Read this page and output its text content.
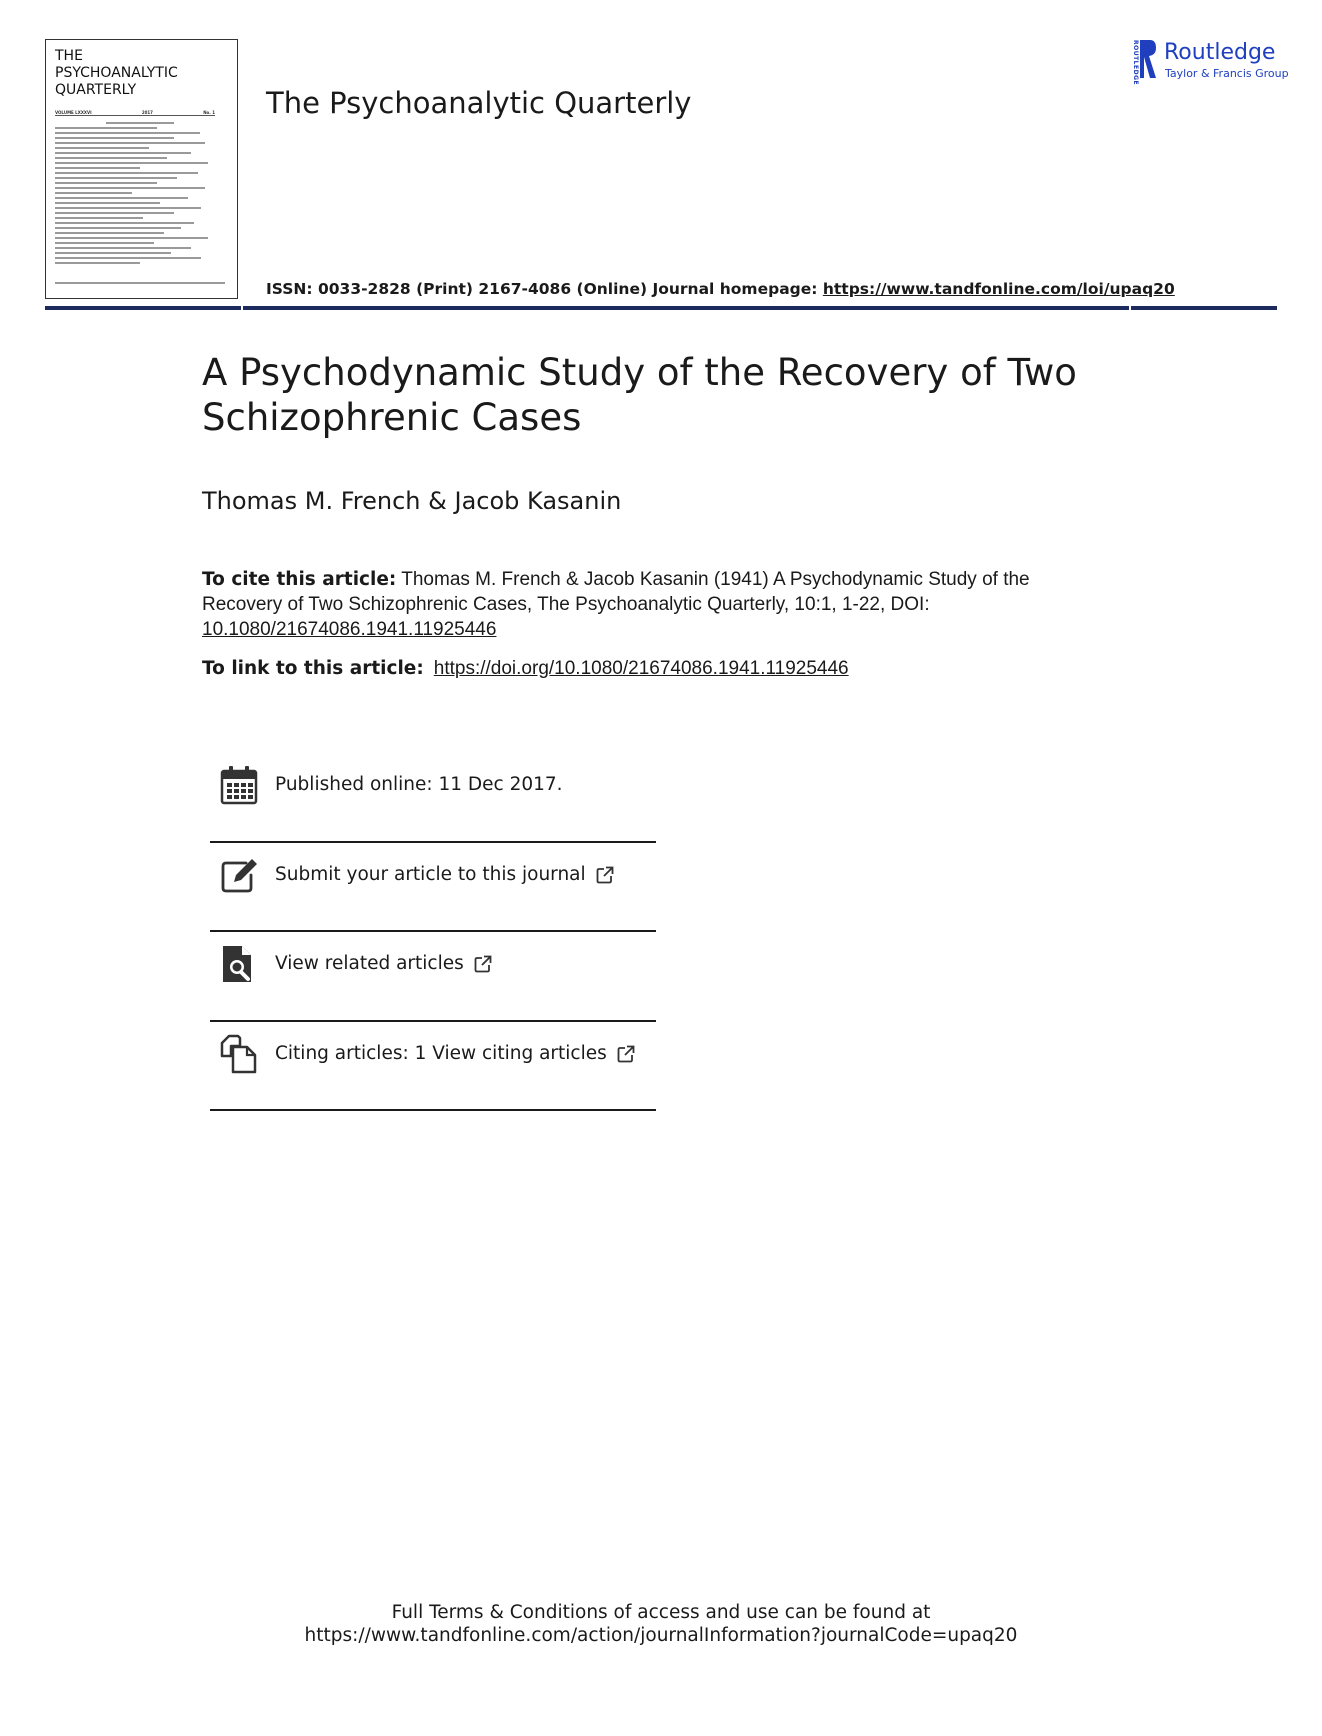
THE
PSYCHOANALYTIC
QUARTERLY
VOLUME LXXXVI	2017	No. 1 The Psychoanalytic Quarterly
ROUTLEDGE Routledge
Taylor & Francis Group
ISSN: 0033-2828 (Print) 2167-4086 (Online) Journal homepage: https://www.tandfonline.com/loi/upaq20
A Psychodynamic Study of the Recovery of Two
Schizophrenic Cases
Thomas M. French & Jacob Kasanin
To cite this article: Thomas M. French & Jacob Kasanin (1941) A Psychodynamic Study of the Recovery of Two Schizophrenic Cases, The Psychoanalytic Quarterly, 10:1, 1-22, DOI: 10.1080/21674086.1941.11925446
To link to this article: https://doi.org/10.1080/21674086.1941.11925446
Published online: 11 Dec 2017.
Submit your article to this journal
View related articles
Citing articles: 1 View citing articles
Full Terms & Conditions of access and use can be found at
https://www.tandfonline.com/action/journalInformation?journalCode=upaq20
